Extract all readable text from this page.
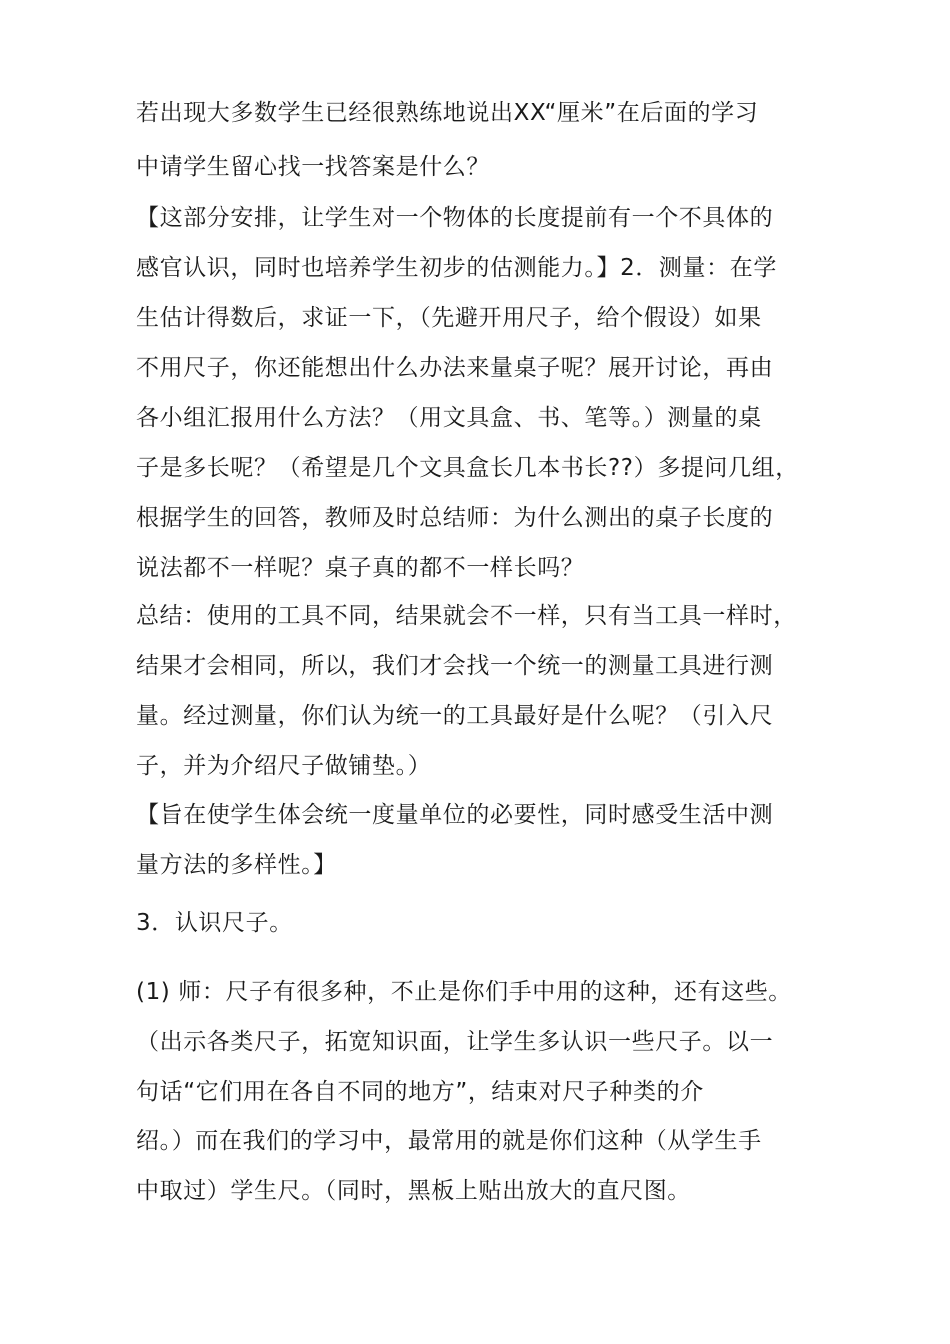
若出现大多数学生已经很熟练地说出XX“厘米”在后面的学习
中请学生留心找一找答案是什么？
【这部分安排，让学生对一个物体的长度提前有一个不具体的
感官认识，同时也培养学生初步的估测能力。】2．测量：在学
生估计得数后，求证一下，（先避开用尺子，给个假设）如果
不用尺子，你还能想出什么办法来量桌子呢？展开讨论，再由
各小组汇报用什么方法？（用文具盒、书、笔等。）测量的桌
子是多长呢？（希望是几个文具盒长几本书长??）多提问几组，
根据学生的回答，教师及时总结师：为什么测出的桌子长度的
说法都不一样呢？桌子真的都不一样长吗？
总结：使用的工具不同，结果就会不一样，只有当工具一样时，
结果才会相同，所以，我们才会找一个统一的测量工具进行测
量。经过测量，你们认为统一的工具最好是什么呢？（引入尺
子，并为介绍尺子做铺垫。）
【旨在使学生体会统一度量单位的必要性，同时感受生活中测
量方法的多样性。】
3．认识尺子。
(1) 师：尺子有很多种，不止是你们手中用的这种，还有这些。
（出示各类尺子，拓宽知识面，让学生多认识一些尺子。以一
句话“它们用在各自不同的地方”，结束对尺子种类的介
绍。）而在我们的学习中，最常用的就是你们这种（从学生手
中取过）学生尺。（同时，黑板上贴出放大的直尺图。
